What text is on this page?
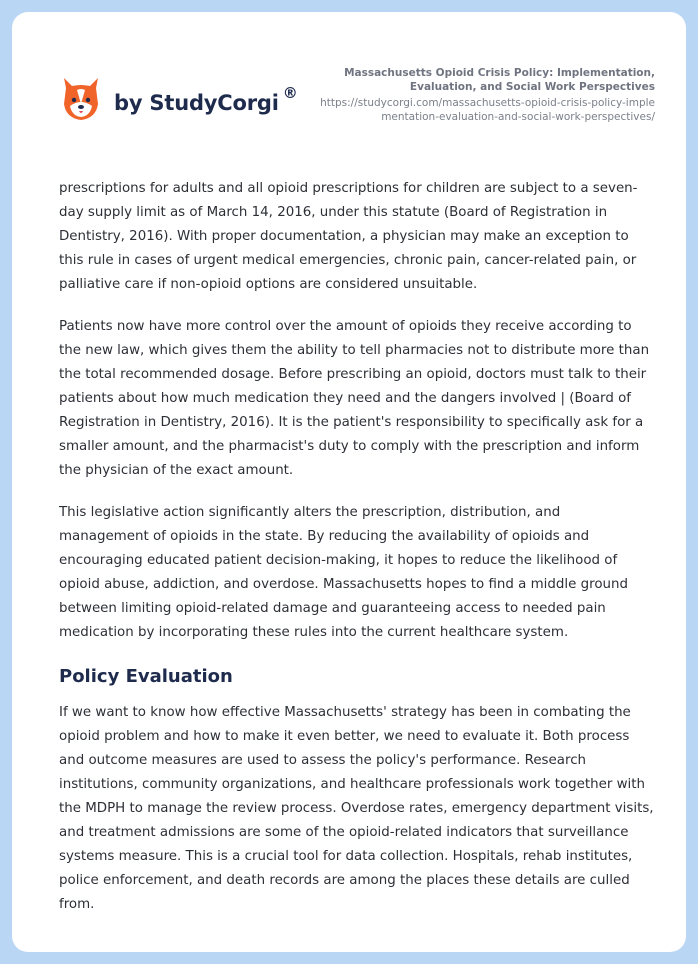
by StudyCorgi ®
Massachusetts Opioid Crisis Policy: Implementation, Evaluation, and Social Work Perspectives
https://studycorgi.com/massachusetts-opioid-crisis-policy-implementation-evaluation-and-social-work-perspectives/

prescriptions for adults and all opioid prescriptions for children are subject to a seven-day supply limit as of March 14, 2016, under this statute (Board of Registration in Dentistry, 2016). With proper documentation, a physician may make an exception to this rule in cases of urgent medical emergencies, chronic pain, cancer-related pain, or palliative care if non-opioid options are considered unsuitable.

Patients now have more control over the amount of opioids they receive according to the new law, which gives them the ability to tell pharmacies not to distribute more than the total recommended dosage. Before prescribing an opioid, doctors must talk to their patients about how much medication they need and the dangers involved | (Board of Registration in Dentistry, 2016). It is the patient's responsibility to specifically ask for a smaller amount, and the pharmacist's duty to comply with the prescription and inform the physician of the exact amount.

This legislative action significantly alters the prescription, distribution, and management of opioids in the state. By reducing the availability of opioids and encouraging educated patient decision-making, it hopes to reduce the likelihood of opioid abuse, addiction, and overdose. Massachusetts hopes to find a middle ground between limiting opioid-related damage and guaranteeing access to needed pain medication by incorporating these rules into the current healthcare system.

Policy Evaluation

If we want to know how effective Massachusetts' strategy has been in combating the opioid problem and how to make it even better, we need to evaluate it. Both process and outcome measures are used to assess the policy's performance. Research institutions, community organizations, and healthcare professionals work together with the MDPH to manage the review process. Overdose rates, emergency department visits, and treatment admissions are some of the opioid-related indicators that surveillance systems measure. This is a crucial tool for data collection. Hospitals, rehab institutes, police enforcement, and death records are among the places these details are culled from.
